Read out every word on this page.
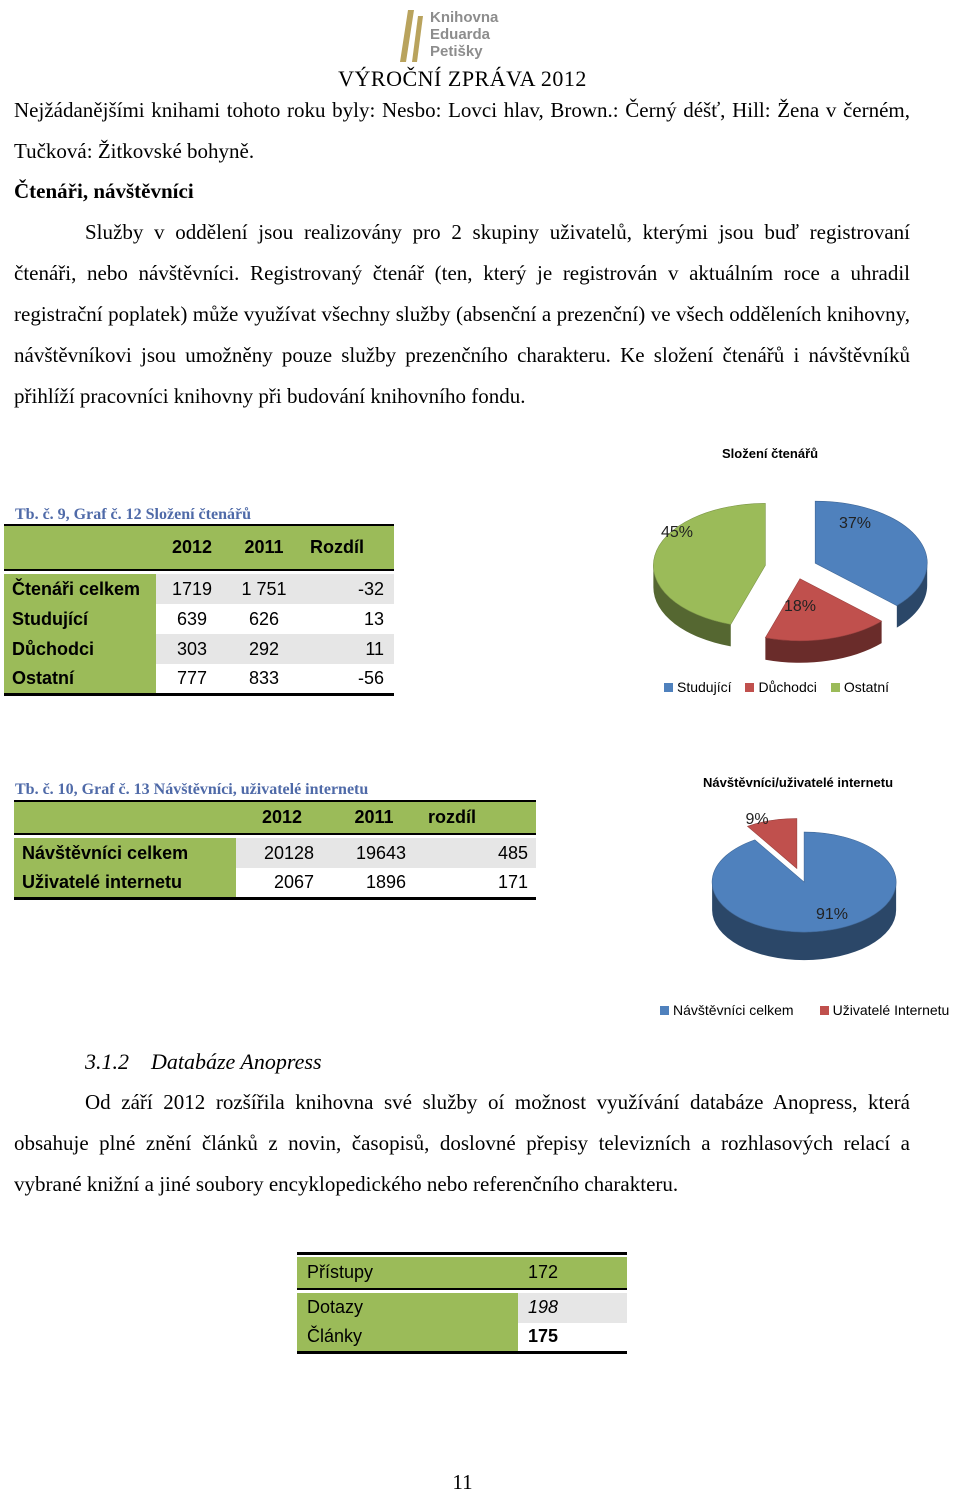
Knihovna
Eduarda
Petišky
VÝROČNÍ ZPRÁVA 2012
Nejžádanějšími knihami tohoto roku byly: Nesbo: Lovci hlav, Brown.: Černý déšť, Hill: Žena v černém, Tučková: Žitkovské bohyně.
Čtenáři, návštěvníci
Služby v oddělení jsou realizovány pro 2 skupiny uživatelů, kterými jsou buď registrovaní čtenáři, nebo návštěvníci. Registrovaný čtenář (ten, který je registrován v aktuálním roce a uhradil registrační poplatek) může využívat všechny služby (absenční a prezenční) ve všech odděleních knihovny, návštěvníkovi jsou umožněny pouze služby prezenčního charakteru. Ke složení čtenářů i návštěvníků přihlíží pracovníci knihovny při budování knihovního fondu.
Tb. č. 9, Graf č. 12 Složení čtenářů
	2012	2011	Rozdíl

Čtenáři celkem	1719	1 751	-32
Studující	639	626	13
Důchodci	303	292	11
Ostatní	777	833	-56
Složení čtenářů
37%
18%
45%
Studující Důchodci Ostatní
Tb. č. 10, Graf č. 13 Návštěvníci, uživatelé internetu
	2012	2011	rozdíl

Návštěvníci celkem	20128	19643	485
Uživatelé internetu	2067	1896	171
Návštěvníci/uživatelé internetu
91%
9%
Návštěvníci celkem	Uživatelé Internetu
3.1.2    Databáze Anopress
Od září 2012 rozšířila knihovna své služby oí možnost využívání databáze Anopress, která obsahuje plné znění článků z novin, časopisů, doslovné přepisy televizních a rozhlasových relací a vybrané knižní a jiné soubory encyklopedického nebo referenčního charakteru.

Přístupy	172

Dotazy	198
Články	175
11
